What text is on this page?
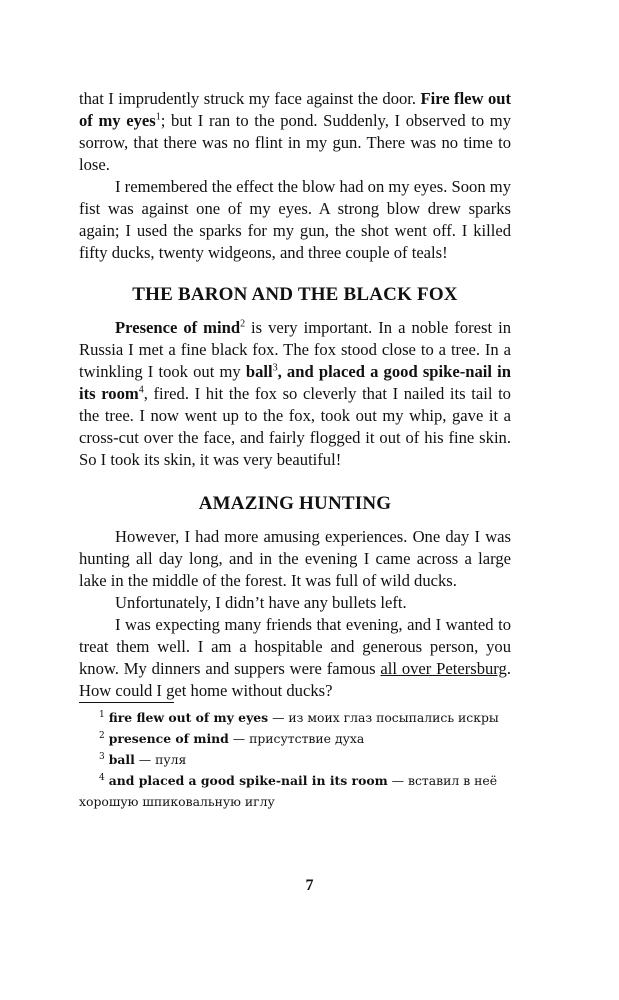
that I imprudently struck my face against the door. Fire flew out of my eyes$^1$; but I ran to the pond. Suddenly, I observed to my sorrow, that there was no flint in my gun. There was no time to lose.

I remembered the effect the blow had on my eyes. Soon my fist was against one of my eyes. A strong blow drew sparks again; I used the sparks for my gun, the shot went off. I killed fifty ducks, twenty widgeons, and three couple of teals!

THE BARON AND THE BLACK FOX

Presence of mind$^2$ is very important. In a noble forest in Russia I met a fine black fox. The fox stood close to a tree. In a twinkling I took out my ball$^3$, and placed a good spike-nail in its room$^4$, fired. I hit the fox so cleverly that I nailed its tail to the tree. I now went up to the fox, took out my whip, gave it a cross-cut over the face, and fairly flogged it out of his fine skin. So I took its skin, it was very beautiful!

AMAZING HUNTING

However, I had more amusing experiences. One day I was hunting all day long, and in the evening I came across a large lake in the middle of the forest. It was full of wild ducks.

Unfortunately, I didn’t have any bullets left.

I was expecting many friends that evening, and I wanted to treat them well. I am a hospitable and generous person, you know. My dinners and suppers were famous all over Petersburg. How could I get home without ducks?

$^1$ fire flew out of my eyes — из моих глаз посыпались искры

$^2$ presence of mind — присутствие духа

$^3$ ball — пуля

$^4$ and placed a good spike-nail in its room — вставил в неё хорошую шпиковальную иглу

7
